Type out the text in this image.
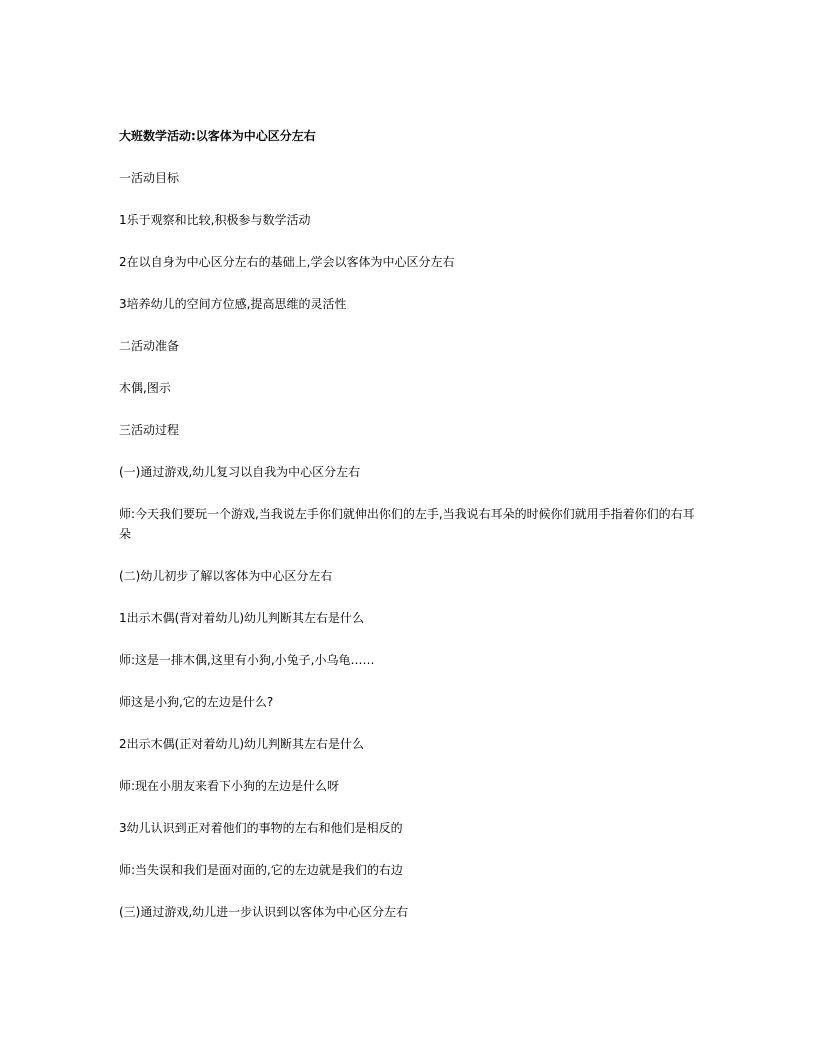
大班数学活动:以客体为中心区分左右
一活动目标
1乐于观察和比较,积极参与数学活动
2在以自身为中心区分左右的基础上,学会以客体为中心区分左右
3培养幼儿的空间方位感,提高思维的灵活性
二活动准备
木偶,图示
三活动过程
(一)通过游戏,幼儿复习以自我为中心区分左右
师:今天我们要玩一个游戏,当我说左手你们就伸出你们的左手,当我说右耳朵的时候你们就用手指着你们的右耳朵
(二)幼儿初步了解以客体为中心区分左右
1出示木偶(背对着幼儿)幼儿判断其左右是什么
师:这是一排木偶,这里有小狗,小兔子,小乌龟……
师这是小狗,它的左边是什么?
2出示木偶(正对着幼儿)幼儿判断其左右是什么
师:现在小朋友来看下小狗的左边是什么呀
3幼儿认识到正对着他们的事物的左右和他们是相反的
师:当失误和我们是面对面的,它的左边就是我们的右边
(三)通过游戏,幼儿进一步认识到以客体为中心区分左右
